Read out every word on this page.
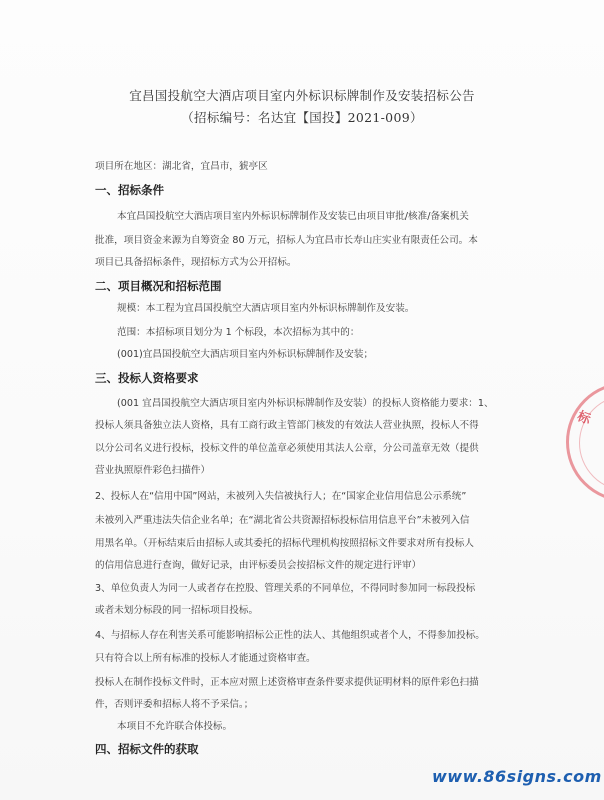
宜昌国投航空大酒店项目室内外标识标牌制作及安装招标公告
（招标编号：名达宜【国投】2021-009）
项目所在地区：湖北省，宜昌市，猇亭区
一、招标条件
本宜昌国投航空大酒店项目室内外标识标牌制作及安装已由项目审批/核准/备案机关
批准，项目资金来源为自筹资金 80 万元，招标人为宜昌市长寿山庄实业有限责任公司。本
项目已具备招标条件，现招标方式为公开招标。
二、项目概况和招标范围
规模：本工程为宜昌国投航空大酒店项目室内外标识标牌制作及安装。
范围：本招标项目划分为 1 个标段，本次招标为其中的：
(001)宜昌国投航空大酒店项目室内外标识标牌制作及安装；
三、投标人资格要求
(001 宜昌国投航空大酒店项目室内外标识标牌制作及安装）的投标人资格能力要求：1、
投标人须具备独立法人资格，具有工商行政主管部门核发的有效法人营业执照，投标人不得
以分公司名义进行投标，投标文件的单位盖章必须使用其法人公章，分公司盖章无效（提供
营业执照原件彩色扫描件）
2、投标人在“信用中国”网站，未被列入失信被执行人；在“国家企业信用信息公示系统”
未被列入严重违法失信企业名单；在“湖北省公共资源招标投标信用信息平台”未被列入信
用黑名单。（开标结束后由招标人或其委托的招标代理机构按照招标文件要求对所有投标人
的信用信息进行查询，做好记录，由评标委员会按招标文件的规定进行评审）
3、单位负责人为同一人或者存在控股、管理关系的不同单位，不得同时参加同一标段投标
或者未划分标段的同一招标项目投标。
4、与招标人存在利害关系可能影响招标公正性的法人、其他组织或者个人，不得参加投标。
只有符合以上所有标准的投标人才能通过资格审查。
投标人在制作投标文件时，正本应对照上述资格审查条件要求提供证明材料的原件彩色扫描
件，否则评委和招标人将不予采信。；
本项目不允许联合体投标。
四、招标文件的获取
标
www.86signs.com
